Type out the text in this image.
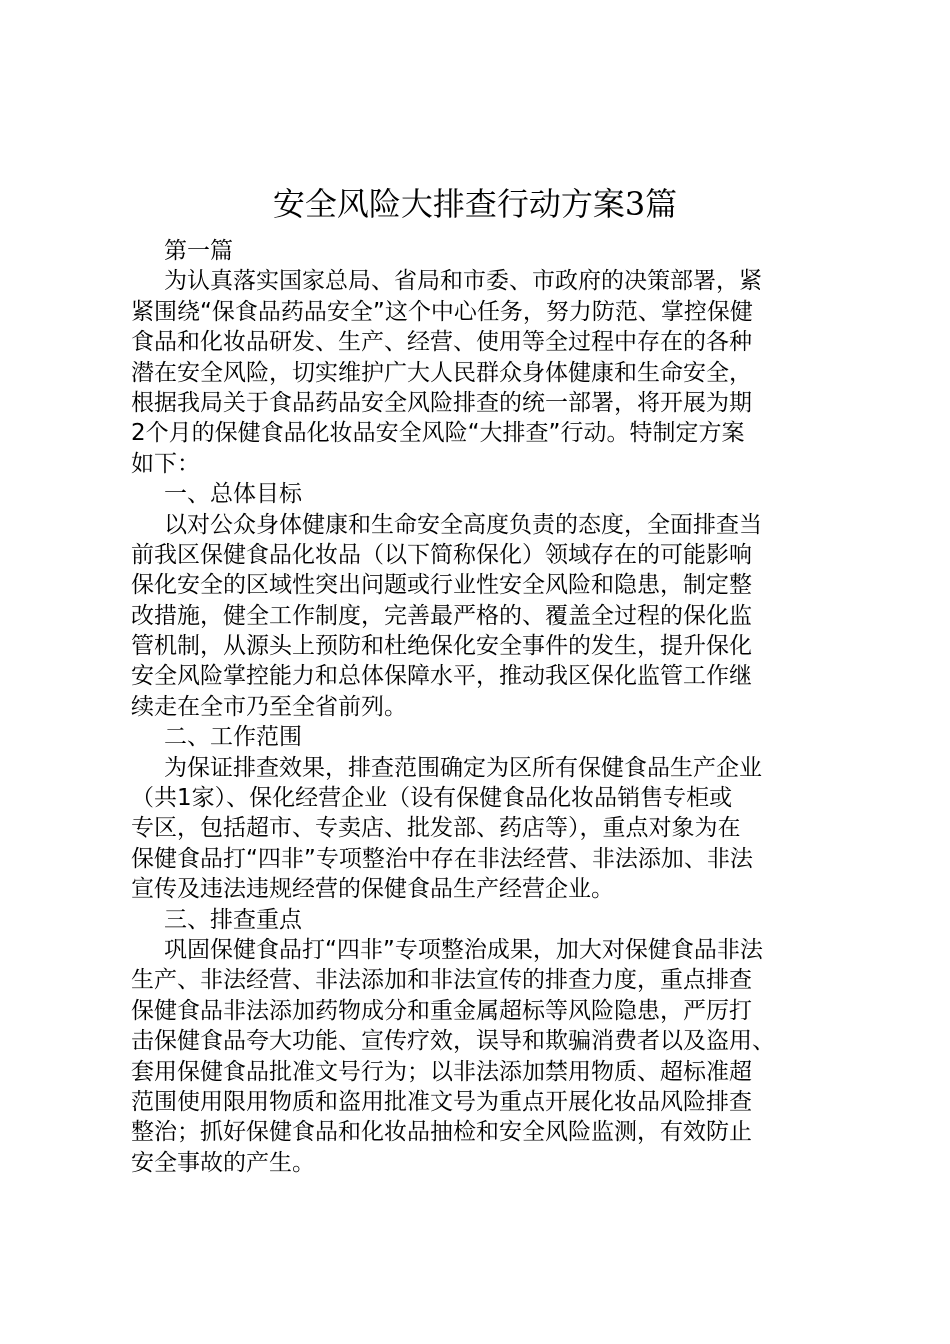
安全风险大排查行动方案3篇
第一篇
为认真落实国家总局、省局和市委、市政府的决策部署，紧
紧围绕“保食品药品安全”这个中心任务，努力防范、掌控保健
食品和化妆品研发、生产、经营、使用等全过程中存在的各种
潜在安全风险，切实维护广大人民群众身体健康和生命安全，
根据我局关于食品药品安全风险排查的统一部署，将开展为期
2个月的保健食品化妆品安全风险“大排查”行动。特制定方案
如下：
一、总体目标
以对公众身体健康和生命安全高度负责的态度，全面排查当
前我区保健食品化妆品（以下简称保化）领域存在的可能影响
保化安全的区域性突出问题或行业性安全风险和隐患，制定整
改措施，健全工作制度，完善最严格的、覆盖全过程的保化监
管机制，从源头上预防和杜绝保化安全事件的发生，提升保化
安全风险掌控能力和总体保障水平，推动我区保化监管工作继
续走在全市乃至全省前列。
二、工作范围
为保证排查效果，排查范围确定为区所有保健食品生产企业
（共1家）、保化经营企业（设有保健食品化妆品销售专柜或
专区，包括超市、专卖店、批发部、药店等），重点对象为在
保健食品打“四非”专项整治中存在非法经营、非法添加、非法
宣传及违法违规经营的保健食品生产经营企业。
三、排查重点
巩固保健食品打“四非”专项整治成果，加大对保健食品非法
生产、非法经营、非法添加和非法宣传的排查力度，重点排查
保健食品非法添加药物成分和重金属超标等风险隐患，严厉打
击保健食品夸大功能、宣传疗效，误导和欺骗消费者以及盗用、
套用保健食品批准文号行为；以非法添加禁用物质、超标准超
范围使用限用物质和盗用批准文号为重点开展化妆品风险排查
整治；抓好保健食品和化妆品抽检和安全风险监测，有效防止
安全事故的产生。
